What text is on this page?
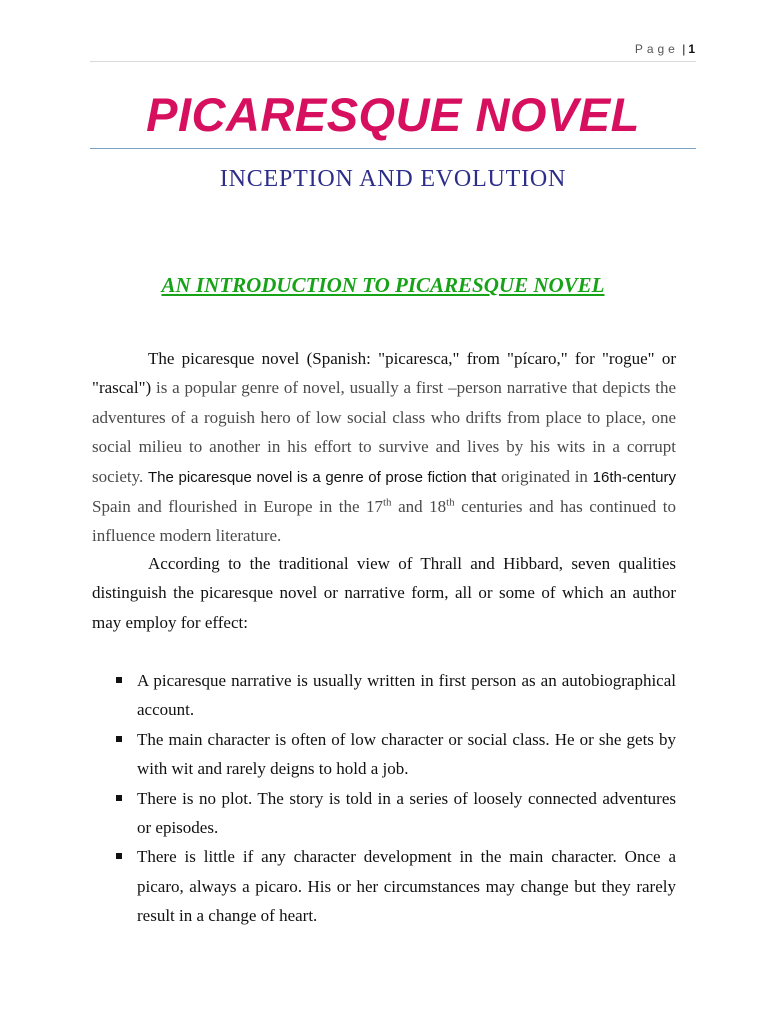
Page | 1
PICARESQUE NOVEL
INCEPTION AND EVOLUTION
AN INTRODUCTION TO PICARESQUE NOVEL

The picaresque novel (Spanish: "picaresca," from "pícaro," for "rogue" or "rascal") is a popular genre of novel, usually a first –person narrative that depicts the adventures of a roguish hero of low social class who drifts from place to place, one social milieu to another in his effort to survive and lives by his wits in a corrupt society. The picaresque novel is a genre of prose fiction that originated in 16th-century Spain and flourished in Europe in the 17th and 18th centuries and has continued to influence modern literature.

According to the traditional view of Thrall and Hibbard, seven qualities distinguish the picaresque novel or narrative form, all or some of which an author may employ for effect:

A picaresque narrative is usually written in first person as an autobiographical account.
The main character is often of low character or social class. He or she gets by with wit and rarely deigns to hold a job.
There is no plot. The story is told in a series of loosely connected adventures or episodes.
There is little if any character development in the main character. Once a picaro, always a picaro. His or her circumstances may change but they rarely result in a change of heart.
